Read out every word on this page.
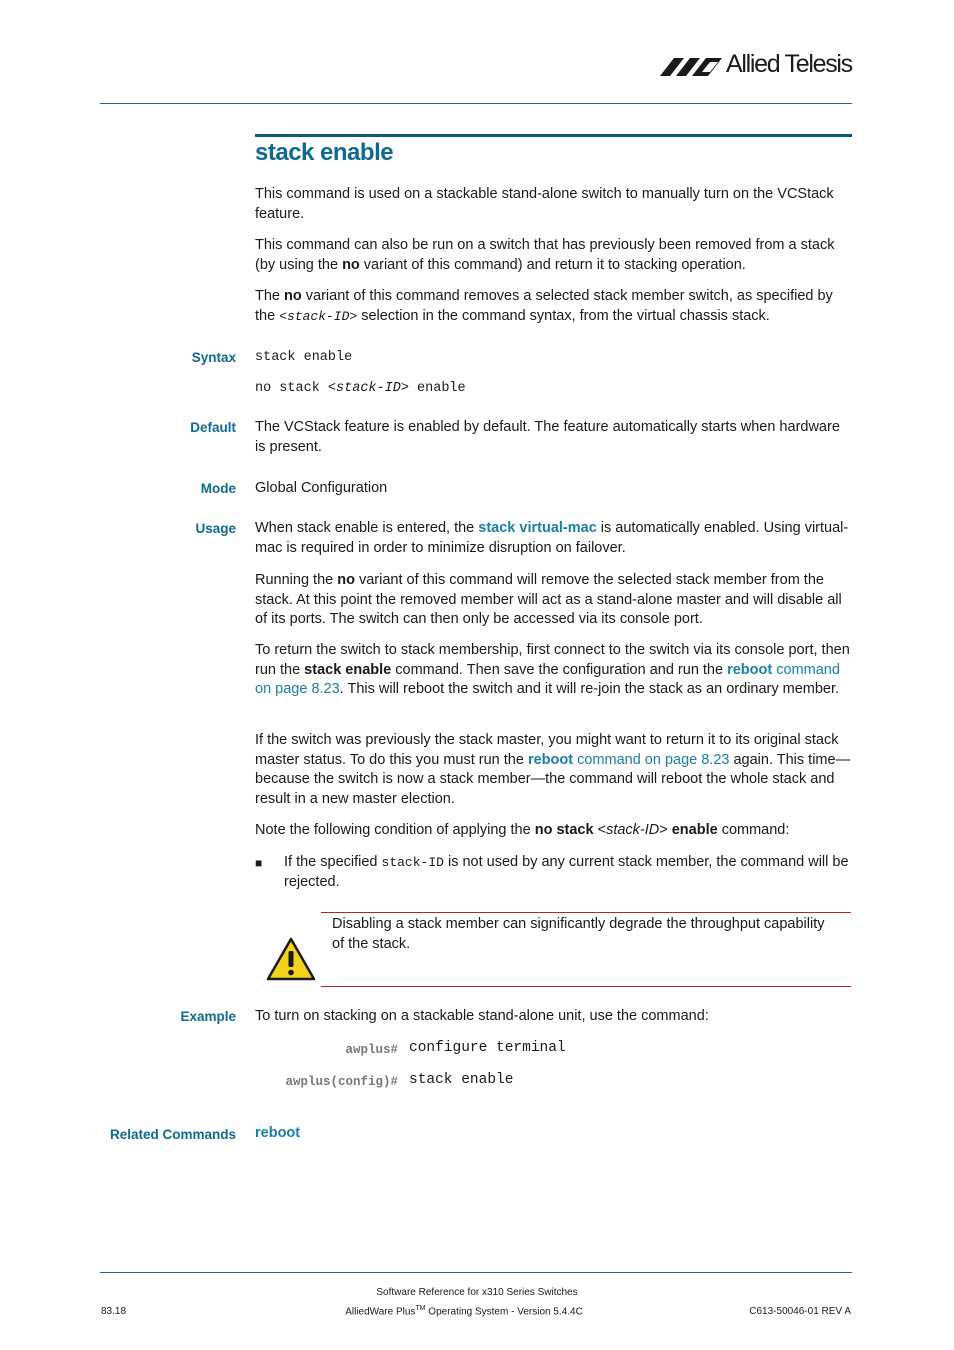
Allied Telesis
stack enable
This command is used on a stackable stand-alone switch to manually turn on the VCStack feature.
This command can also be run on a switch that has previously been removed from a stack (by using the no variant of this command) and return it to stacking operation.
The no variant of this command removes a selected stack member switch, as specified by the <stack-ID> selection in the command syntax, from the virtual chassis stack.
Syntax stack enable
no stack <stack-ID> enable
Default The VCStack feature is enabled by default. The feature automatically starts when hardware is present.
Mode Global Configuration
Usage When stack enable is entered, the stack virtual-mac is automatically enabled. Using virtual-mac is required in order to minimize disruption on failover.
Running the no variant of this command will remove the selected stack member from the stack. At this point the removed member will act as a stand-alone master and will disable all of its ports. The switch can then only be accessed via its console port.
To return the switch to stack membership, first connect to the switch via its console port, then run the stack enable command. Then save the configuration and run the reboot command on page 8.23. This will reboot the switch and it will re-join the stack as an ordinary member.
If the switch was previously the stack master, you might want to return it to its original stack master status. To do this you must run the reboot command on page 8.23 again. This time—because the switch is now a stack member—the command will reboot the whole stack and result in a new master election.
Note the following condition of applying the no stack <stack-ID> enable command:
■ If the specified stack-ID is not used by any current stack member, the command will be rejected.
Disabling a stack member can significantly degrade the throughput capability of the stack.
Example To turn on stacking on a stackable stand-alone unit, use the command:
awplus# configure terminal
awplus(config)# stack enable
Related Commands reboot
Software Reference for x310 Series Switches
AlliedWare Plus™ Operating System - Version 5.4.4C
83.18	C613-50046-01 REV A
